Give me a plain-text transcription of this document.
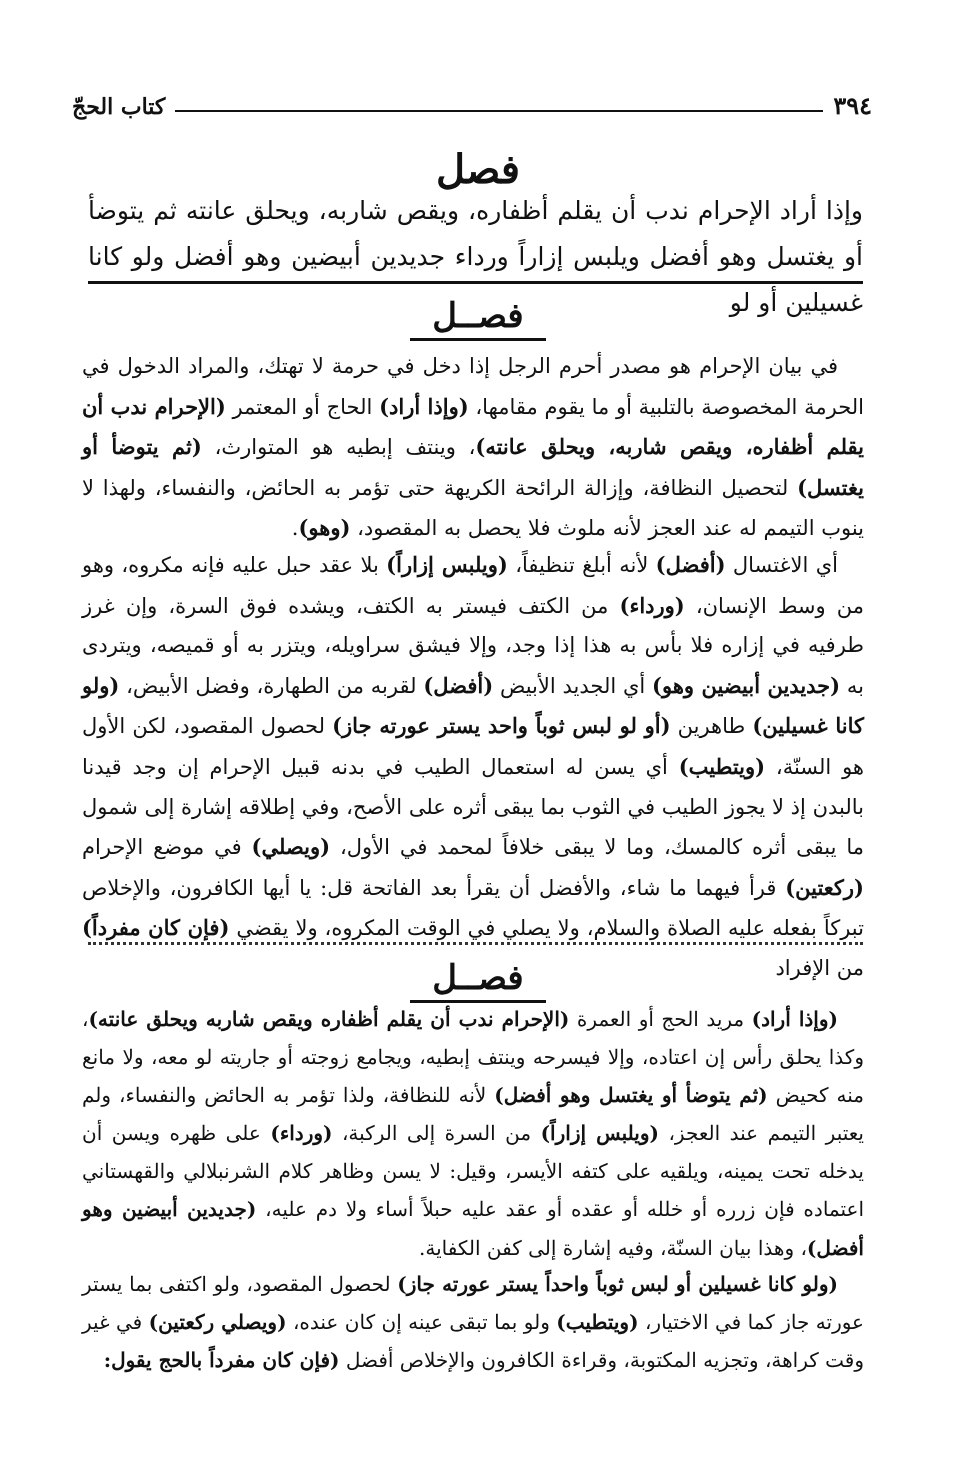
٣٩٤
كتاب الحجّ
فصل
وإذا أراد الإحرام ندب أن يقلم أظفاره، ويقص شاربه، ويحلق عانته ثم يتوضأ أو يغتسل وهو أفضل ويلبس إزاراً ورداء جديدين أبيضين وهو أفضل ولو كانا غسيلين أو لو
فصــل

في بيان الإحرام هو مصدر أحرم الرجل إذا دخل في حرمة لا تهتك، والمراد الدخول في الحرمة المخصوصة بالتلبية أو ما يقوم مقامها، (وإذا أراد) الحاج أو المعتمر (الإحرام ندب أن يقلم أظفاره، ويقص شاربه، ويحلق عانته)، وينتف إبطيه هو المتوارث، (ثم يتوضأ أو يغتسل) لتحصيل النظافة، وإزالة الرائحة الكريهة حتى تؤمر به الحائض، والنفساء، ولهذا لا ينوب التيمم له عند العجز لأنه ملوث فلا يحصل به المقصود، (وهو).

أي الاغتسال (أفضل) لأنه أبلغ تنظيفاً، (ويلبس إزاراً) بلا عقد حبل عليه فإنه مكروه، وهو من وسط الإنسان، (ورداء) من الكتف فيستر به الكتف، ويشده فوق السرة، وإن غرز طرفيه في إزاره فلا بأس به هذا إذا وجد، وإلا فيشق سراويله، ويتزر به أو قميصه، ويتردى به (جديدين أبيضين وهو) أي الجديد الأبيض (أفضل) لقربه من الطهارة، وفضل الأبيض، (ولو كانا غسيلين) طاهرين (أو لو لبس ثوباً واحد يستر عورته جاز) لحصول المقصود، لكن الأول هو السنّة، (ويتطيب) أي يسن له استعمال الطيب في بدنه قبيل الإحرام إن وجد قيدنا بالبدن إذ لا يجوز الطيب في الثوب بما يبقى أثره على الأصح، وفي إطلاقه إشارة إلى شمول ما يبقى أثره كالمسك، وما لا يبقى خلافاً لمحمد في الأول، (ويصلي) في موضع الإحرام (ركعتين) قرأ فيهما ما شاء، والأفضل أن يقرأ بعد الفاتحة قل: يا أيها الكافرون، والإخلاص تبركاً بفعله عليه الصلاة والسلام، ولا يصلي في الوقت المكروه، ولا يقضي (فإن كان مفرداً) من الإفراد

فصــل

(وإذا أراد) مريد الحج أو العمرة (الإحرام ندب أن يقلم أظفاره ويقص شاربه ويحلق عانته)، وكذا يحلق رأس إن اعتاده، وإلا فيسرحه وينتف إبطيه، ويجامع زوجته أو جاريته لو معه، ولا مانع منه كحيض (ثم يتوضأ أو يغتسل وهو أفضل) لأنه للنظافة، ولذا تؤمر به الحائض والنفساء، ولم يعتبر التيمم عند العجز، (ويلبس إزاراً) من السرة إلى الركبة، (ورداء) على ظهره ويسن أن يدخله تحت يمينه، ويلقيه على كتفه الأيسر، وقيل: لا يسن وظاهر كلام الشرنبلالي والقهستاني اعتماده فإن زرره أو خلله أو عقده أو عقد عليه حبلاً أساء ولا دم عليه، (جديدين أبيضين وهو أفضل)، وهذا بيان السنّة، وفيه إشارة إلى كفن الكفاية.

(ولو كانا غسيلين أو لبس ثوباً واحداً يستر عورته جاز) لحصول المقصود، ولو اكتفى بما يستر عورته جاز كما في الاختيار، (ويتطيب) ولو بما تبقى عينه إن كان عنده، (ويصلي ركعتين) في غير وقت كراهة، وتجزيه المكتوبة، وقراءة الكافرون والإخلاص أفضل (فإن كان مفرداً بالحج يقول:
